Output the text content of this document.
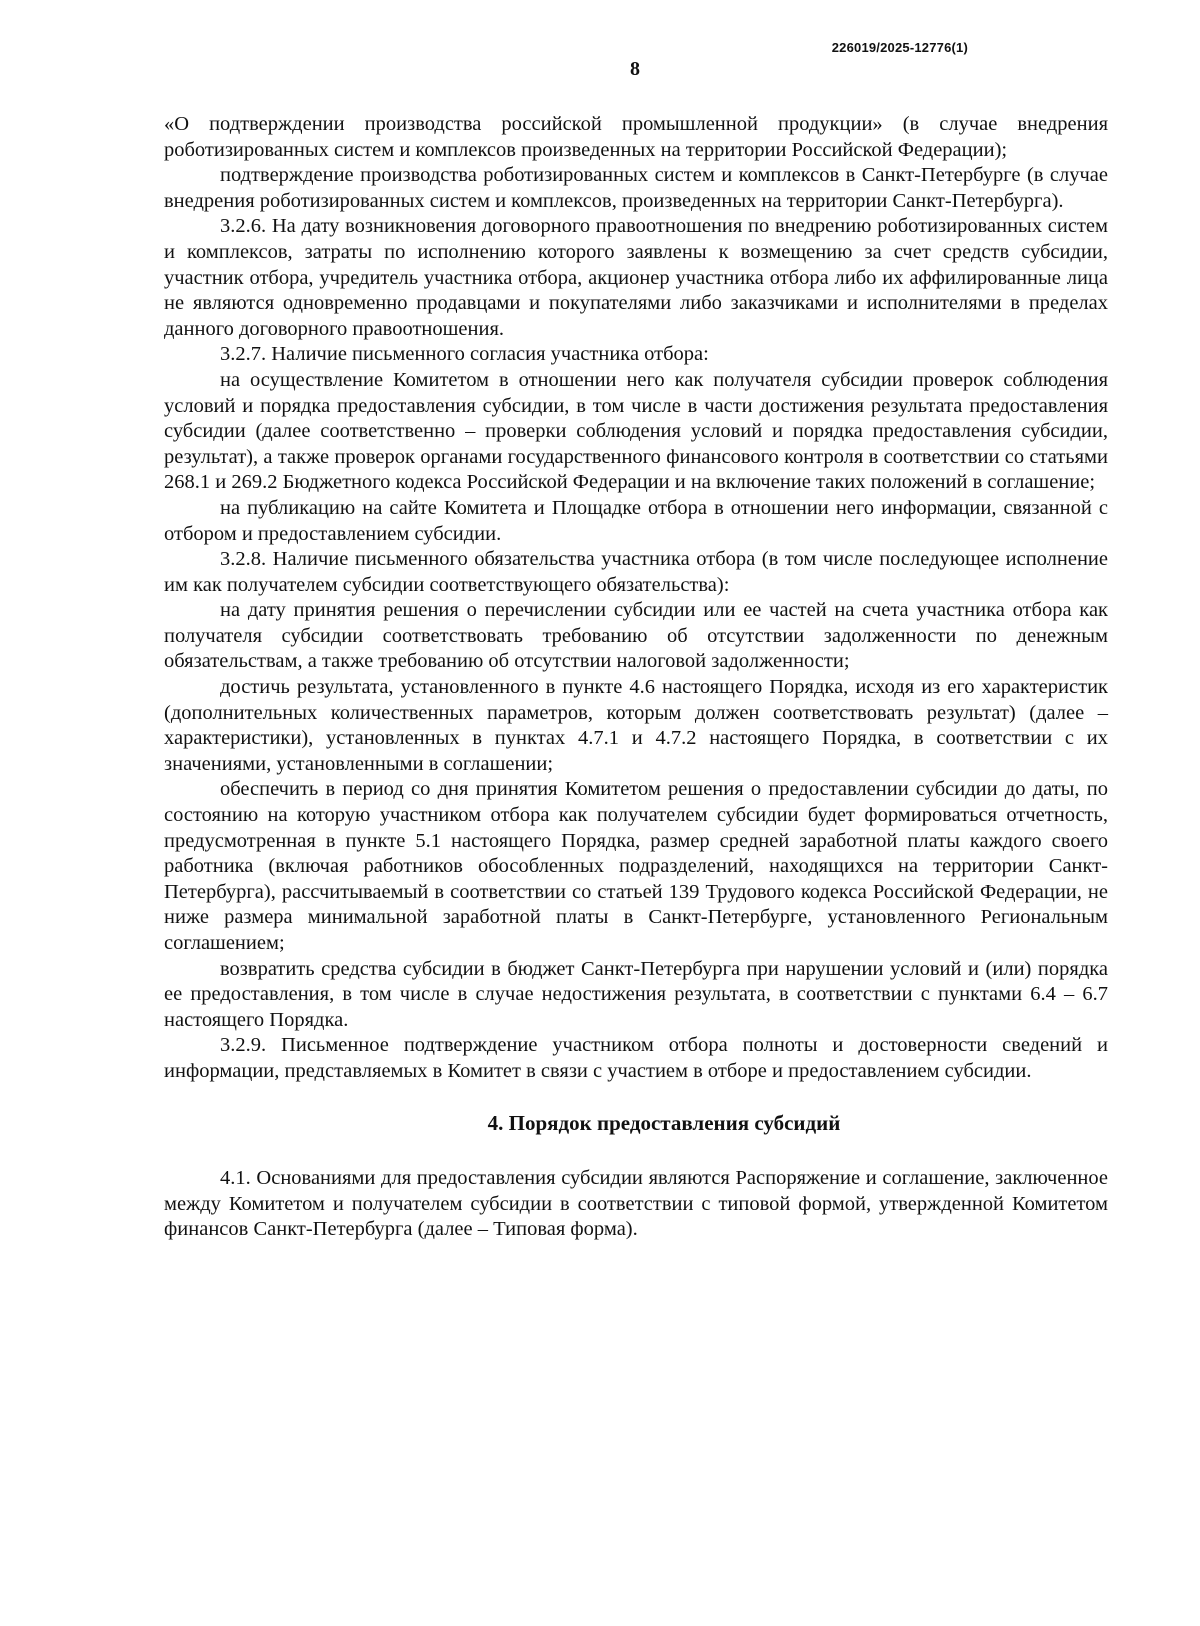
226019/2025-12776(1)
8

«О подтверждении производства российской промышленной продукции» (в случае внедрения роботизированных систем и комплексов произведенных на территории Российской Федерации);

подтверждение производства роботизированных систем и комплексов в Санкт-Петербурге (в случае внедрения роботизированных систем и комплексов, произведенных на территории Санкт-Петербурга).

3.2.6. На дату возникновения договорного правоотношения по внедрению роботизированных систем и комплексов, затраты по исполнению которого заявлены к возмещению за счет средств субсидии, участник отбора, учредитель участника отбора, акционер участника отбора либо их аффилированные лица не являются одновременно продавцами и покупателями либо заказчиками и исполнителями в пределах данного договорного правоотношения.

3.2.7. Наличие письменного согласия участника отбора:

на осуществление Комитетом в отношении него как получателя субсидии проверок соблюдения условий и порядка предоставления субсидии, в том числе в части достижения результата предоставления субсидии (далее соответственно – проверки соблюдения условий и порядка предоставления субсидии, результат), а также проверок органами государственного финансового контроля в соответствии со статьями 268.1 и 269.2 Бюджетного кодекса Российской Федерации и на включение таких положений в соглашение;

на публикацию на сайте Комитета и Площадке отбора в отношении него информации, связанной с отбором и предоставлением субсидии.

3.2.8. Наличие письменного обязательства участника отбора (в том числе последующее исполнение им как получателем субсидии соответствующего обязательства):

на дату принятия решения о перечислении субсидии или ее частей на счета участника отбора как получателя субсидии соответствовать требованию об отсутствии задолженности по денежным обязательствам, а также требованию об отсутствии налоговой задолженности;

достичь результата, установленного в пункте 4.6 настоящего Порядка, исходя из его характеристик (дополнительных количественных параметров, которым должен соответствовать результат) (далее – характеристики), установленных в пунктах 4.7.1 и 4.7.2 настоящего Порядка, в соответствии с их значениями, установленными в соглашении;

обеспечить в период со дня принятия Комитетом решения о предоставлении субсидии до даты, по состоянию на которую участником отбора как получателем субсидии будет формироваться отчетность, предусмотренная в пункте 5.1 настоящего Порядка, размер средней заработной платы каждого своего работника (включая работников обособленных подразделений, находящихся на территории Санкт-Петербурга), рассчитываемый в соответствии со статьей 139 Трудового кодекса Российской Федерации, не ниже размера минимальной заработной платы в Санкт-Петербурге, установленного Региональным соглашением;

возвратить средства субсидии в бюджет Санкт-Петербурга при нарушении условий и (или) порядка ее предоставления, в том числе в случае недостижения результата, в соответствии с пунктами 6.4 – 6.7 настоящего Порядка.

3.2.9. Письменное подтверждение участником отбора полноты и достоверности сведений и информации, представляемых в Комитет в связи с участием в отборе и предоставлением субсидии.

4. Порядок предоставления субсидий

4.1. Основаниями для предоставления субсидии являются Распоряжение и соглашение, заключенное между Комитетом и получателем субсидии в соответствии с типовой формой, утвержденной Комитетом финансов Санкт-Петербурга (далее – Типовая форма).
